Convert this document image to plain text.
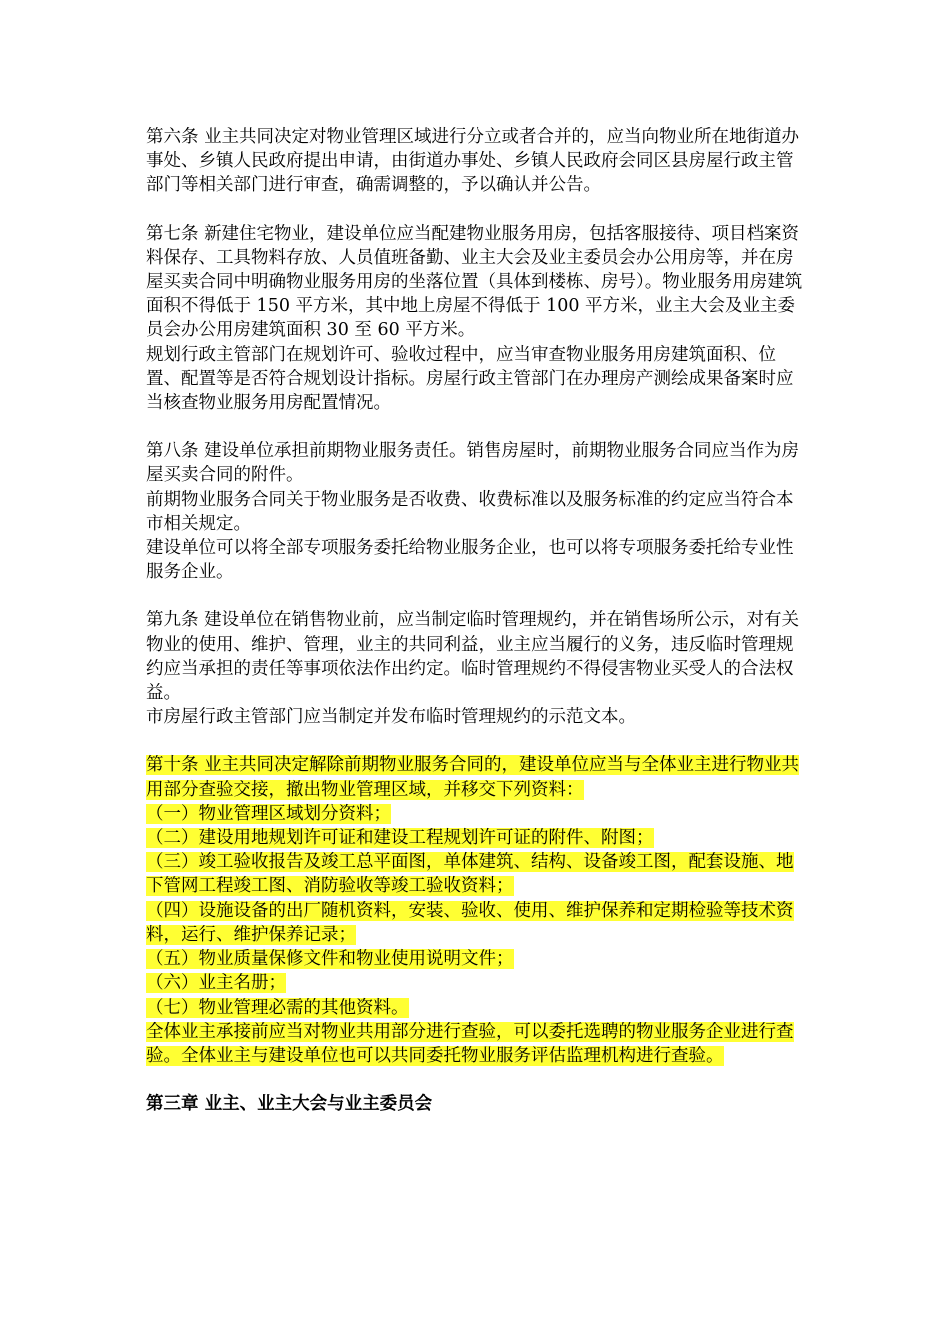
第六条 业主共同决定对物业管理区域进行分立或者合并的，应当向物业所在地街道办事处、乡镇人民政府提出申请，由街道办事处、乡镇人民政府会同区县房屋行政主管部门等相关部门进行审查，确需调整的，予以确认并公告。

第七条 新建住宅物业，建设单位应当配建物业服务用房，包括客服接待、项目档案资料保存、工具物料存放、人员值班备勤、业主大会及业主委员会办公用房等，并在房屋买卖合同中明确物业服务用房的坐落位置（具体到楼栋、房号）。物业服务用房建筑面积不得低于 150 平方米，其中地上房屋不得低于 100 平方米，业主大会及业主委员会办公用房建筑面积 30 至 60 平方米。

规划行政主管部门在规划许可、验收过程中，应当审查物业服务用房建筑面积、位置、配置等是否符合规划设计指标。房屋行政主管部门在办理房产测绘成果备案时应当核查物业服务用房配置情况。

第八条 建设单位承担前期物业服务责任。销售房屋时，前期物业服务合同应当作为房屋买卖合同的附件。

前期物业服务合同关于物业服务是否收费、收费标准以及服务标准的约定应当符合本市相关规定。

建设单位可以将全部专项服务委托给物业服务企业，也可以将专项服务委托给专业性服务企业。

第九条 建设单位在销售物业前，应当制定临时管理规约，并在销售场所公示，对有关物业的使用、维护、管理，业主的共同利益，业主应当履行的义务，违反临时管理规约应当承担的责任等事项依法作出约定。临时管理规约不得侵害物业买受人的合法权益。

市房屋行政主管部门应当制定并发布临时管理规约的示范文本。

第十条 业主共同决定解除前期物业服务合同的，建设单位应当与全体业主进行物业共用部分查验交接，撤出物业管理区域，并移交下列资料：

（一）物业管理区域划分资料；

（二）建设用地规划许可证和建设工程规划许可证的附件、附图；

（三）竣工验收报告及竣工总平面图，单体建筑、结构、设备竣工图，配套设施、地下管网工程竣工图、消防验收等竣工验收资料；

（四）设施设备的出厂随机资料，安装、验收、使用、维护保养和定期检验等技术资料，运行、维护保养记录；

（五）物业质量保修文件和物业使用说明文件；

（六）业主名册；

（七）物业管理必需的其他资料。

全体业主承接前应当对物业共用部分进行查验，可以委托选聘的物业服务企业进行查验。全体业主与建设单位也可以共同委托物业服务评估监理机构进行查验。

第三章 业主、业主大会与业主委员会
